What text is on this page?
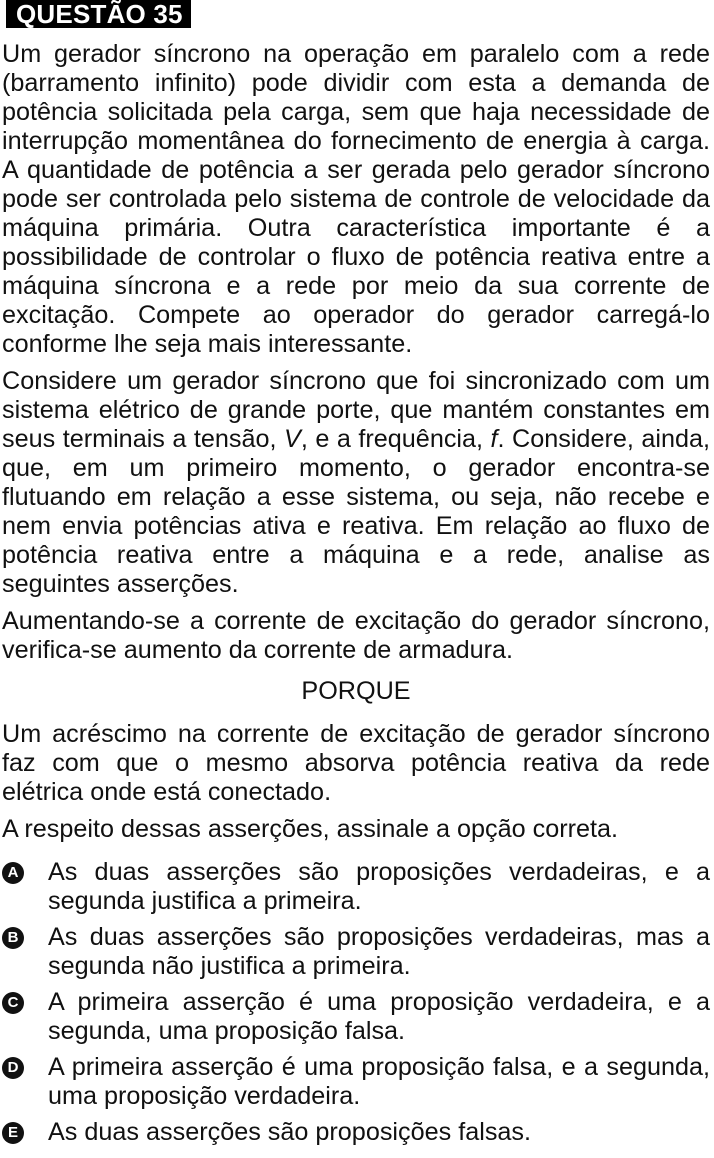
QUESTÃO 35

Um gerador síncrono na operação em paralelo com a rede (barramento infinito) pode dividir com esta a demanda de potência solicitada pela carga, sem que haja necessidade de interrupção momentânea do fornecimento de energia à carga. A quantidade de potência a ser gerada pelo gerador síncrono pode ser controlada pelo sistema de controle de velocidade da máquina primária. Outra característica importante é a possibilidade de controlar o fluxo de potência reativa entre a máquina síncrona e a rede por meio da sua corrente de excitação. Compete ao operador do gerador carregá-lo conforme lhe seja mais interessante.

Considere um gerador síncrono que foi sincronizado com um sistema elétrico de grande porte, que mantém constantes em seus terminais a tensão, V, e a frequência, f. Considere, ainda, que, em um primeiro momento, o gerador encontra-se flutuando em relação a esse sistema, ou seja, não recebe e nem envia potências ativa e reativa. Em relação ao fluxo de potência reativa entre a máquina e a rede, analise as seguintes asserções.

Aumentando-se a corrente de excitação do gerador síncrono, verifica-se aumento da corrente de armadura.

PORQUE

Um acréscimo na corrente de excitação de gerador síncrono faz com que o mesmo absorva potência reativa da rede elétrica onde está conectado.

A respeito dessas asserções, assinale a opção correta.

A As duas asserções são proposições verdadeiras, e a segunda justifica a primeira.
B As duas asserções são proposições verdadeiras, mas a segunda não justifica a primeira.
C A primeira asserção é uma proposição verdadeira, e a segunda, uma proposição falsa.
D A primeira asserção é uma proposição falsa, e a segunda, uma proposição verdadeira.
E As duas asserções são proposições falsas.
